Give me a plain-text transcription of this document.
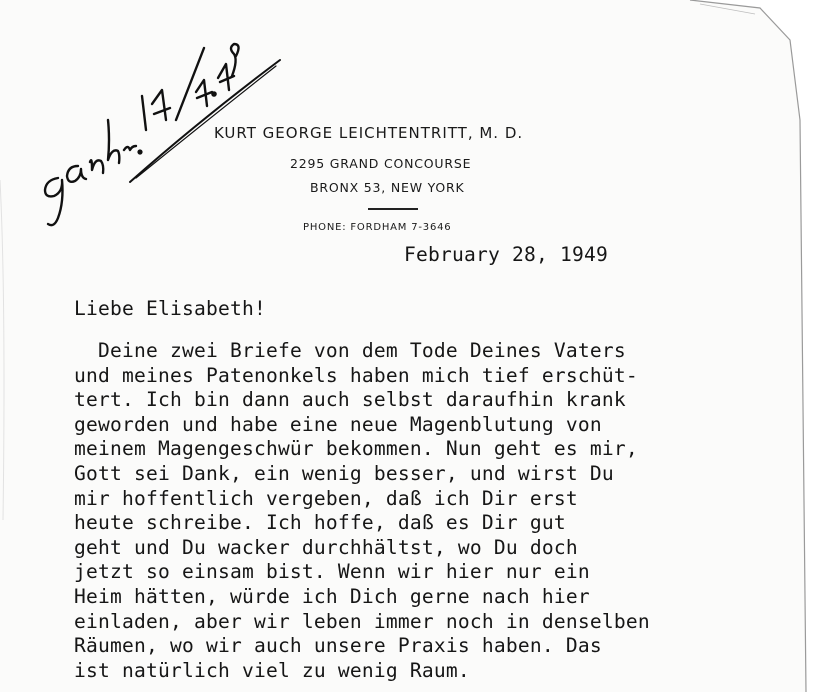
KURT GEORGE LEICHTENTRITT, M. D.
2295 GRAND CONCOURSE
BRONX 53, NEW YORK
PHONE: FORDHAM 7-3646
February 28, 1949
Liebe Elisabeth!
Deine zwei Briefe von dem Tode Deines Vaters
und meines Patenonkels haben mich tief erschüt-
tert. Ich bin dann auch selbst daraufhin krank
geworden und habe eine neue Magenblutung von
meinem Magengeschwür bekommen. Nun geht es mir,
Gott sei Dank, ein wenig besser, und wirst Du
mir hoffentlich vergeben, daß ich Dir erst
heute schreibe. Ich hoffe, daß es Dir gut
geht und Du wacker durchhältst, wo Du doch
jetzt so einsam bist. Wenn wir hier nur ein
Heim hätten, würde ich Dich gerne nach hier
einladen, aber wir leben immer noch in denselben
Räumen, wo wir auch unsere Praxis haben. Das
ist natürlich viel zu wenig Raum.
